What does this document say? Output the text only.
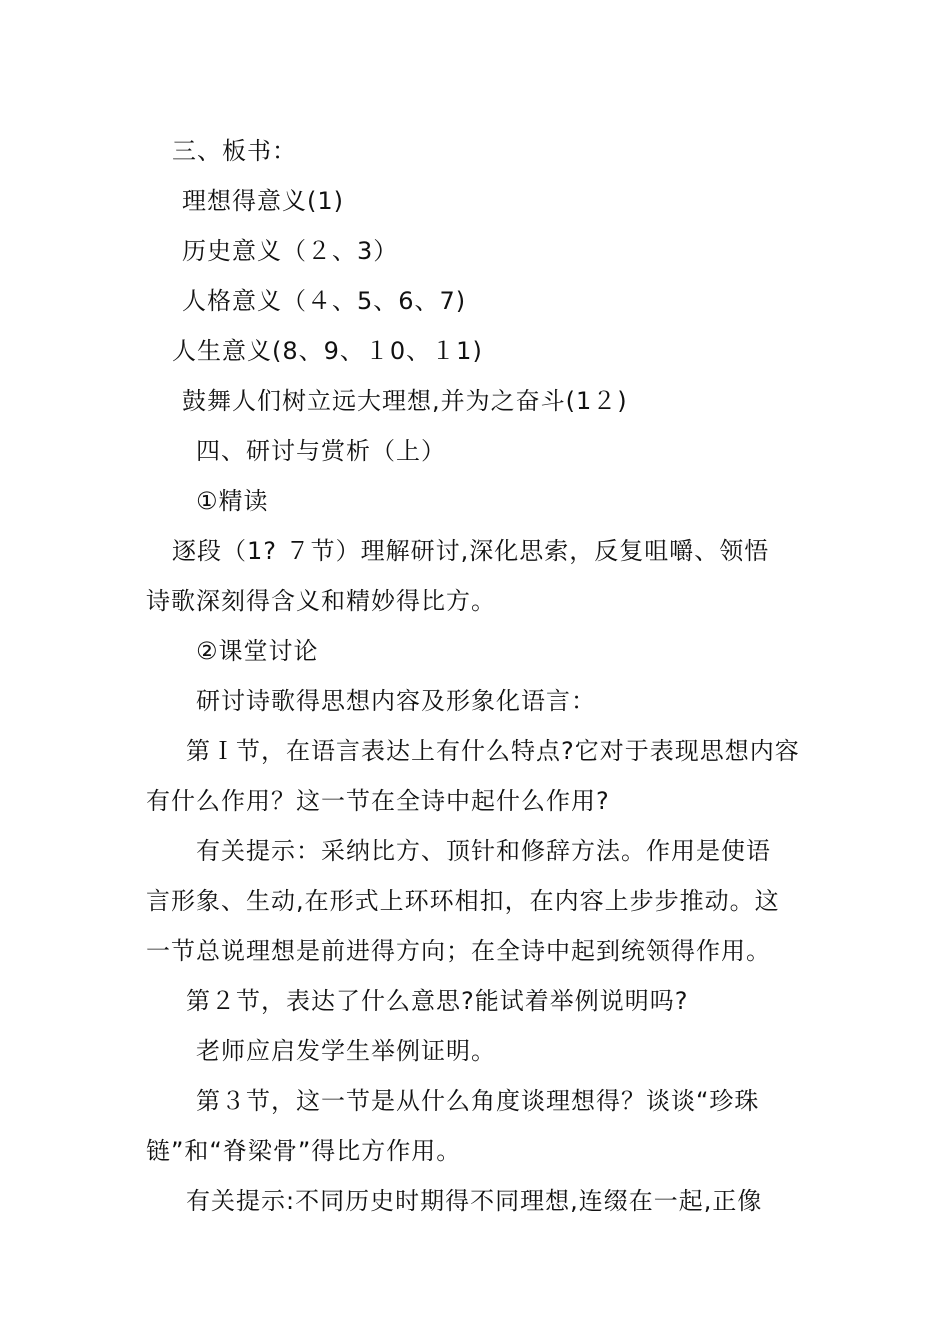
三、板书：
理想得意义(1)
历史意义（２、3）
人格意义（４、5、6、7)
人生意义(8、9、１0、１1)
鼓舞人们树立远大理想,并为之奋斗(1２)
四、研讨与赏析（上）
①精读
逐段（1? ７节）理解研讨,深化思索，反复咀嚼、领悟
诗歌深刻得含义和精妙得比方。
②课堂讨论
研讨诗歌得思想内容及形象化语言：
第Ｉ节，在语言表达上有什么特点?它对于表现思想内容
有什么作用？这一节在全诗中起什么作用?
有关提示：采纳比方、顶针和修辞方法。作用是使语
言形象、生动,在形式上环环相扣，在内容上步步推动。这
一节总说理想是前进得方向；在全诗中起到统领得作用。
第２节，表达了什么意思?能试着举例说明吗?
老师应启发学生举例证明。
第３节，这一节是从什么角度谈理想得？谈谈“珍珠
链”和“脊梁骨”得比方作用。
有关提示:不同历史时期得不同理想,连缀在一起,正像
